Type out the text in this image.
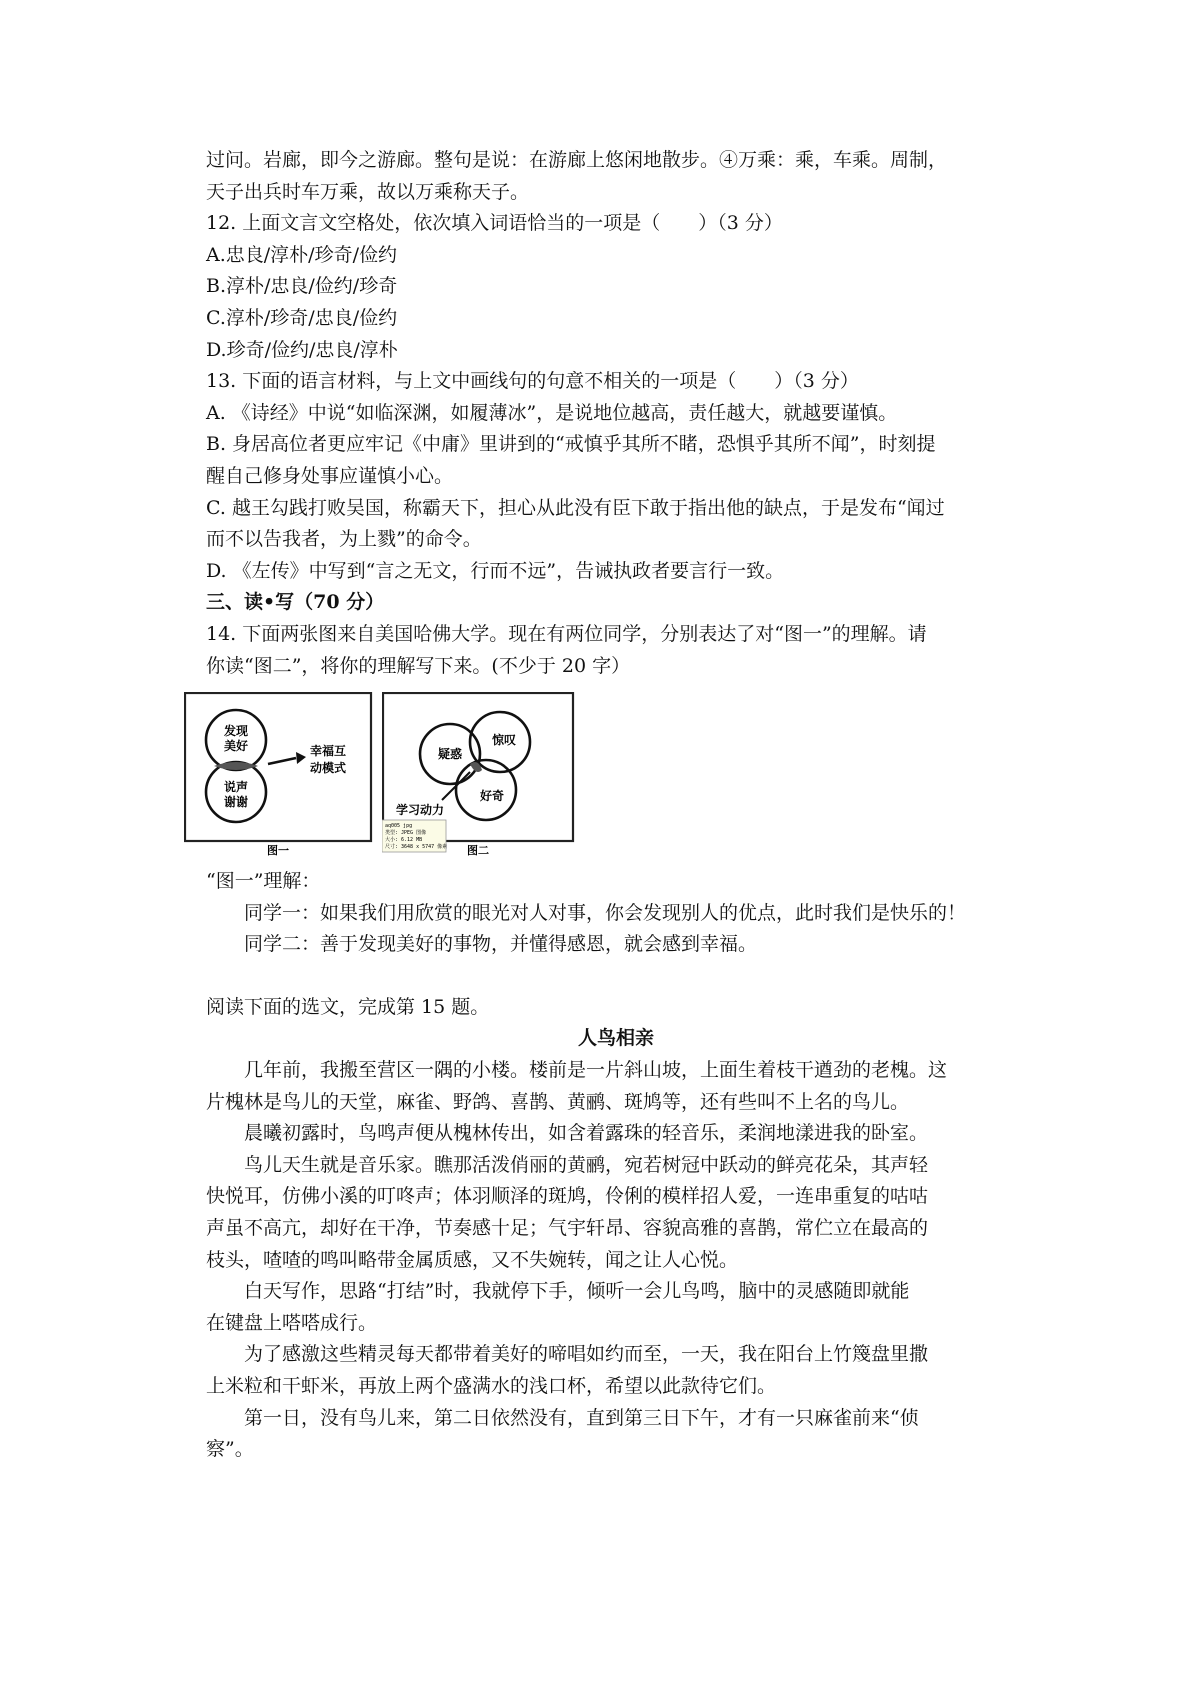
过问。岩廊，即今之游廊。整句是说：在游廊上悠闲地散步。④万乘：乘，车乘。周制，

天子出兵时车万乘，故以万乘称天子。

12. 上面文言文空格处，依次填入词语恰当的一项是（　　）（3 分）

A.忠良/淳朴/珍奇/俭约

B.淳朴/忠良/俭约/珍奇

C.淳朴/珍奇/忠良/俭约

D.珍奇/俭约/忠良/淳朴

13. 下面的语言材料，与上文中画线句的句意不相关的一项是（　　）（3 分）

A. 《诗经》中说“如临深渊，如履薄冰”，是说地位越高，责任越大，就越要谨慎。

B. 身居高位者更应牢记《中庸》里讲到的“戒慎乎其所不睹，恐惧乎其所不闻”，时刻提

醒自己修身处事应谨慎小心。

C. 越王勾践打败吴国，称霸天下，担心从此没有臣下敢于指出他的缺点，于是发布“闻过

而不以告我者，为上戮”的命令。

D. 《左传》中写到“言之无文，行而不远”，告诫执政者要言行一致。

三、读•写（70 分）

14. 下面两张图来自美国哈佛大学。现在有两位同学，分别表达了对“图一”的理解。请

你读“图二”，将你的理解写下来。(不少于 20 字）

发现
美好
说声
谢谢
幸福互
动模式
图一
疑惑
惊叹
好奇
学习动力
aq005 jpg
类型: JPEG 图像
大小: 6.12 MB
尺寸: 3648 x 5747 像素 图二

“图一”理解：

同学一：如果我们用欣赏的眼光对人对事，你会发现别人的优点，此时我们是快乐的！

同学二：善于发现美好的事物，并懂得感恩，就会感到幸福。

阅读下面的选文，完成第 15 题。

人鸟相亲

几年前，我搬至营区一隅的小楼。楼前是一片斜山坡，上面生着枝干遒劲的老槐。这

片槐林是鸟儿的天堂，麻雀、野鸽、喜鹊、黄鹂、斑鸠等，还有些叫不上名的鸟儿。

晨曦初露时，鸟鸣声便从槐林传出，如含着露珠的轻音乐，柔润地漾进我的卧室。

鸟儿天生就是音乐家。瞧那活泼俏丽的黄鹂，宛若树冠中跃动的鲜亮花朵，其声轻

快悦耳，仿佛小溪的叮咚声；体羽顺泽的斑鸠，伶俐的模样招人爱，一连串重复的咕咕

声虽不高亢，却好在干净，节奏感十足；气宇轩昂、容貌高雅的喜鹊，常伫立在最高的

枝头，喳喳的鸣叫略带金属质感，又不失婉转，闻之让人心悦。

白天写作，思路“打结”时，我就停下手，倾听一会儿鸟鸣，脑中的灵感随即就能

在键盘上嗒嗒成行。

为了感激这些精灵每天都带着美好的啼唱如约而至，一天，我在阳台上竹篾盘里撒

上米粒和干虾米，再放上两个盛满水的浅口杯，希望以此款待它们。

第一日，没有鸟儿来，第二日依然没有，直到第三日下午，才有一只麻雀前来“侦

察”。
